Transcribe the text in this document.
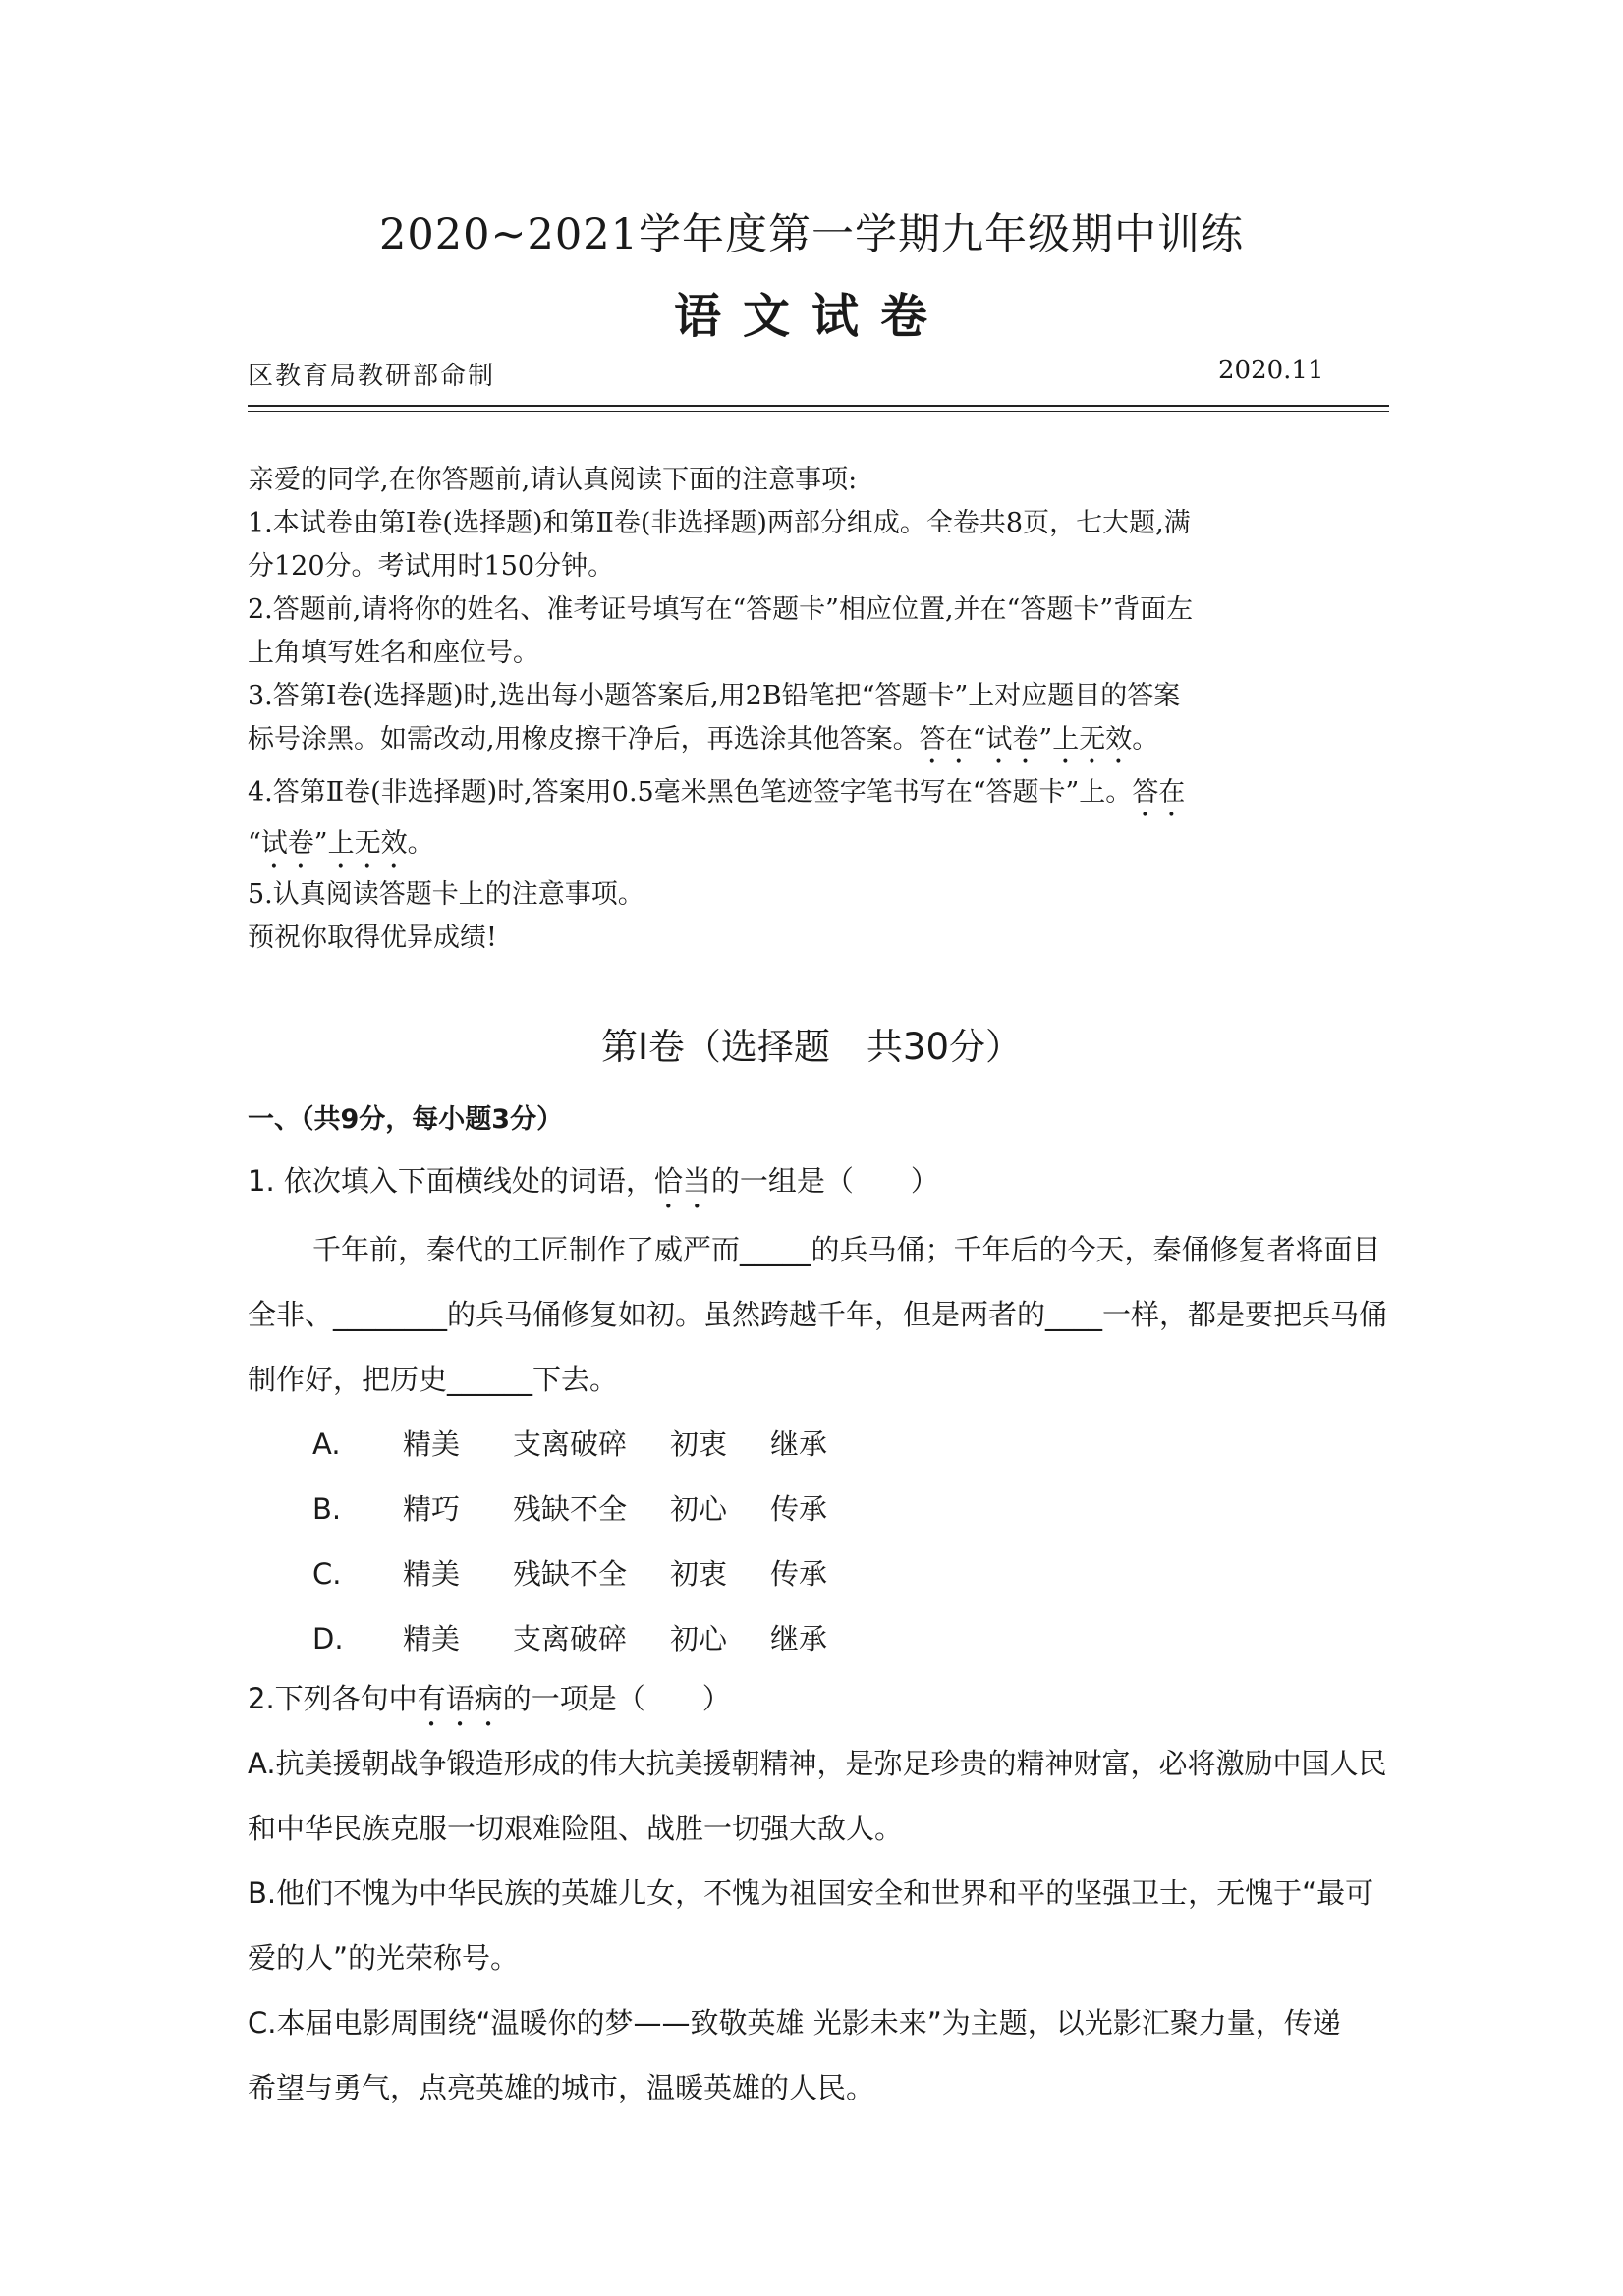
2020~2021学年度第一学期九年级期中训练
语文试卷
区教育局教研部命制	2020.11
亲爱的同学,在你答题前,请认真阅读下面的注意事项:
1.本试卷由第Ⅰ卷(选择题)和第Ⅱ卷(非选择题)两部分组成。全卷共8页，七大题,满
分120分。考试用时150分钟。
2.答题前,请将你的姓名、准考证号填写在“答题卡”相应位置,并在“答题卡”背面左
上角填写姓名和座位号。
3.答第Ⅰ卷(选择题)时,选出每小题答案后,用2B铅笔把“答题卡”上对应题目的答案
标号涂黑。如需改动,用橡皮擦干净后，再选涂其他答案。答在“试卷”上无效。
4.答第Ⅱ卷(非选择题)时,答案用0.5毫米黑色笔迹签字笔书写在“答题卡”上。答在
“试卷”上无效。
5.认真阅读答题卡上的注意事项。
预祝你取得优异成绩!
第Ⅰ卷（选择题　共30分）
一、（共9分，每小题3分）
1. 依次填入下面横线处的词语，恰当的一组是（　　）
千年前，秦代的工匠制作了威严而_____的兵马俑；千年后的今天，秦俑修复者将面目
全非、________的兵马俑修复如初。虽然跨越千年，但是两者的____一样，都是要把兵马俑
制作好，把历史______下去。
A. 精美 支离破碎 初衷 继承
B. 精巧 残缺不全 初心 传承
C. 精美 残缺不全 初衷 传承
D. 精美 支离破碎 初心 继承
2.下列各句中有语病的一项是（　　）
A.抗美援朝战争锻造形成的伟大抗美援朝精神，是弥足珍贵的精神财富，必将激励中国人民
和中华民族克服一切艰难险阻、战胜一切强大敌人。
B.他们不愧为中华民族的英雄儿女，不愧为祖国安全和世界和平的坚强卫士，无愧于“最可
爱的人”的光荣称号。
C.本届电影周围绕“温暖你的梦——致敬英雄 光影未来”为主题，以光影汇聚力量，传递
希望与勇气，点亮英雄的城市，温暖英雄的人民。
